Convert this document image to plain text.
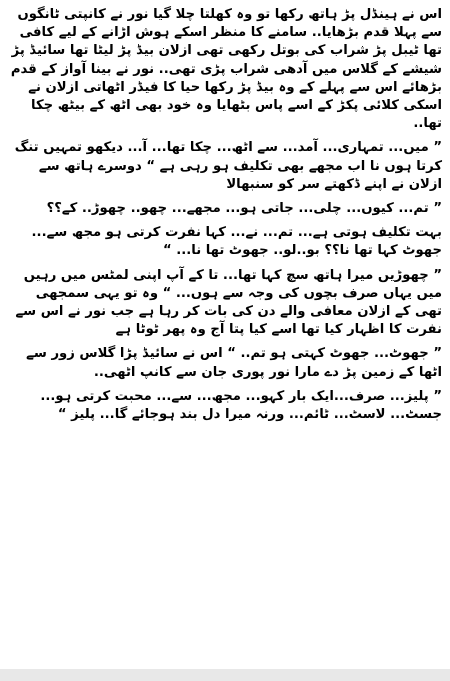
اس نے ہینڈل پڑ ہاتھ رکھا تو وہ کھلتا چلا گیا نور نے کانپتی ٹانگوں سے پہلا قدم بڑھایا.. سامنے کا منظر اسکے ہوش اڑانے کے لیے کافی تھا ٹیبل پڑ شراب کی بوتل رکھی تھی ازلان بیڈ پڑ لیٹا تھا سائیڈ پڑ شیشے کے گلاس میں آدھی شراب پڑی تھی.. نور نے بینا آواز کے قدم بڑھائے اس سے پہلے کے وہ بیڈ پڑ رکھا حیا کا فیڈر اٹھاتی ازلان نے اسکی کلائی پکڑ کے اسے پاس بٹھایا وہ خود بھی اٹھ کے بیٹھ چکا تھا..

” میں... تمہاری... آمد... سے اٹھ... چکا تھا... آ... دیکھو تمہیں تنگ کرتا ہوں نا اب مجھے بھی تکلیف ہو رہی ہے “ دوسرے ہاتھ سے ازلان نے اپنے ڈکھتے سر کو سنبھالا

” تم... کیوں... چلی... جاتی ہو... مجھے... چھو.. چھوڑ.. کے؟؟

بہت تکلیف ہوتی ہے... تم... نے... کہا نفرت کرتی ہو مجھ سے... جھوٹ کہا تھا نا؟؟ بو..لو.. جھوٹ تھا نا... “

” چھوڑیں میرا ہاتھ سچ کہا تھا... تا کے آپ اپنی لمٹس میں رہیں میں یہاں صرف بچوں کی وجہ سے ہوں... “ وہ تو یہی سمجھی تھی کے ازلان معافی والے دن کی بات کر رہا ہے جب نور نے اس سے نفرت کا اظہار کیا تھا اسے کیا پتا آج وہ پھر ٹوٹا ہے

” جھوٹ... جھوٹ کہتی ہو تم.. “ اس نے سائیڈ پڑا گلاس زور سے اٹھا کے زمین پڑ دے مارا نور پوری جان سے کانپ اٹھی..

” پلیز... صرف...ایک بار کہو... مجھ... سے... محبت کرتی ہو... جسٹ... لاسٹ... ٹائم... ورنہ میرا دل بند ہوجائے گا... پلیز “
